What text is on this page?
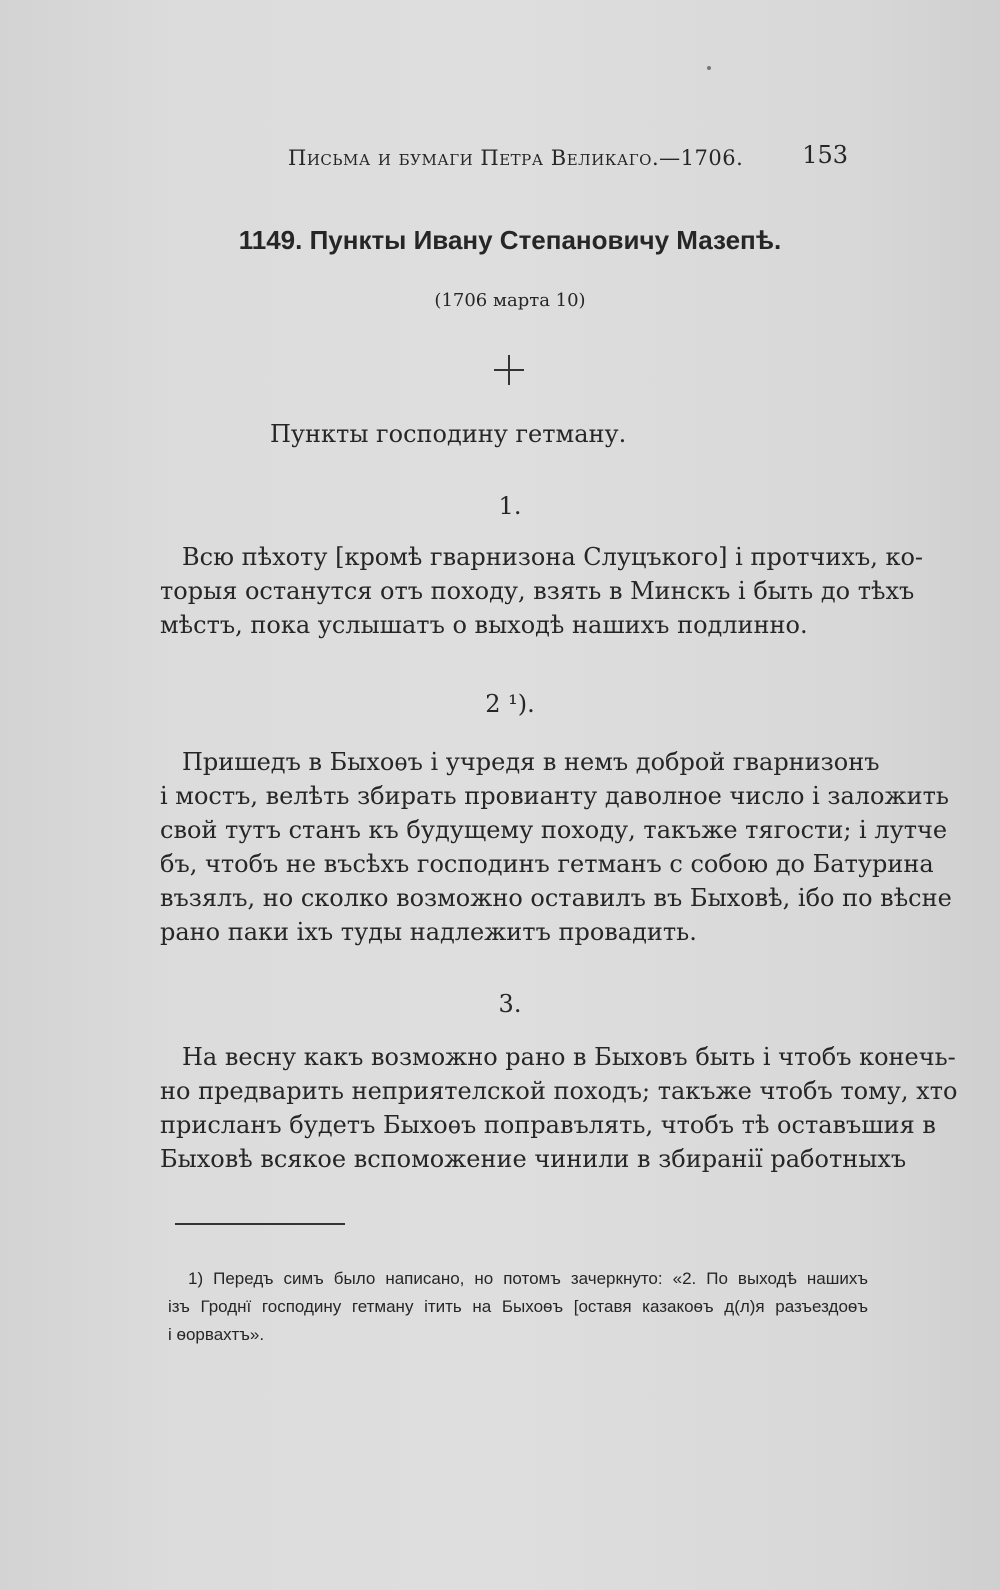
Письма и бумаги Петра Великаго.—1706. 153
1149. Пункты Ивану Степановичу Мазепѣ.
(1706 марта 10)
Пункты господину гетману.
1.
Всю пѣхоту [кромѣ гварнизона Слуцъкого] і протчихъ, ко-
торыя останутся отъ походу, взять в Минскъ і быть до тѣхъ
мѣстъ, пока услышатъ о выходѣ нашихъ подлинно.
2 ¹).
Пришедъ в Быхоѳъ і учредя в немъ доброй гварнизонъ
і мостъ, велѣть збирать провианту даволное число і заложить
свой тутъ станъ къ будущему походу, такъже тягости; і лутче
бъ, чтобъ не въсѣхъ господинъ гетманъ с собою до Батурина
възялъ, но сколко возможно оставилъ въ Быховѣ, ібо по вѣсне
рано паки іхъ туды надлежитъ провадить.
3.
На весну какъ возможно рано в Быховъ быть і чтобъ конечь-
но предварить неприятелской походъ; такъже чтобъ тому, хто
присланъ будетъ Быхоѳъ поправълять, чтобъ тѣ оставъшия в
Быховѣ всякое вспоможение чинили в збиранії работныхъ
1) Передъ симъ было написано, но потомъ зачеркнуто: «2. По выходѣ нашихъ
ізъ Гроднї господину гетману ітить на Быхоѳъ [оставя казакоѳъ д(л)я разъездоѳъ
і ѳорвахтъ».
